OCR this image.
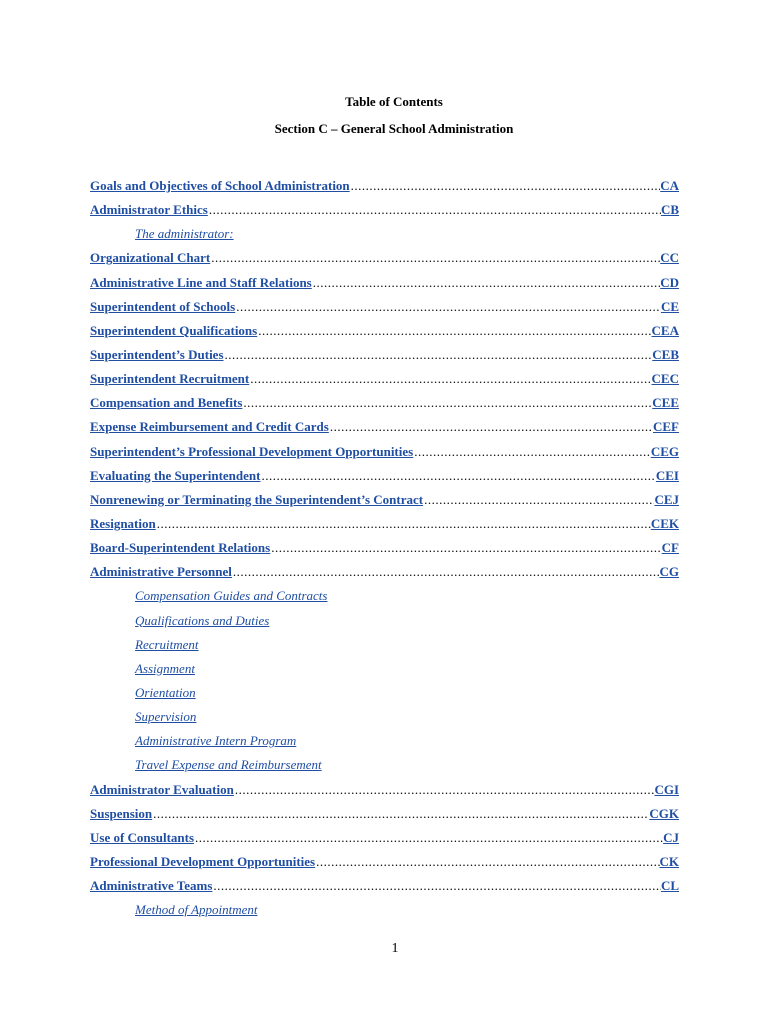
Table of Contents
Section C – General School Administration
Goals and Objectives of School Administration .....	CA
Administrator Ethics .....	CB
The administrator:
Organizational Chart .....	CC
Administrative Line and Staff Relations .....	CD
Superintendent of Schools .....	CE
Superintendent Qualifications .....	CEA
Superintendent’s Duties .....	CEB
Superintendent Recruitment .....	CEC
Compensation and Benefits .....	CEE
Expense Reimbursement and Credit Cards .....	CEF
Superintendent’s Professional Development Opportunities .....	CEG
Evaluating the Superintendent .....	CEI
Nonrenewing or Terminating the Superintendent’s Contract .....	CEJ
Resignation .....	CEK
Board-Superintendent Relations .....	CF
Administrative Personnel .....	CG
Compensation Guides and Contracts
Qualifications and Duties
Recruitment
Assignment
Orientation
Supervision
Administrative Intern Program
Travel Expense and Reimbursement
Administrator Evaluation .....	CGI
Suspension .....	CGK
Use of Consultants .....	CJ
Professional Development Opportunities .....	CK
Administrative Teams .....	CL
Method of Appointment
1
